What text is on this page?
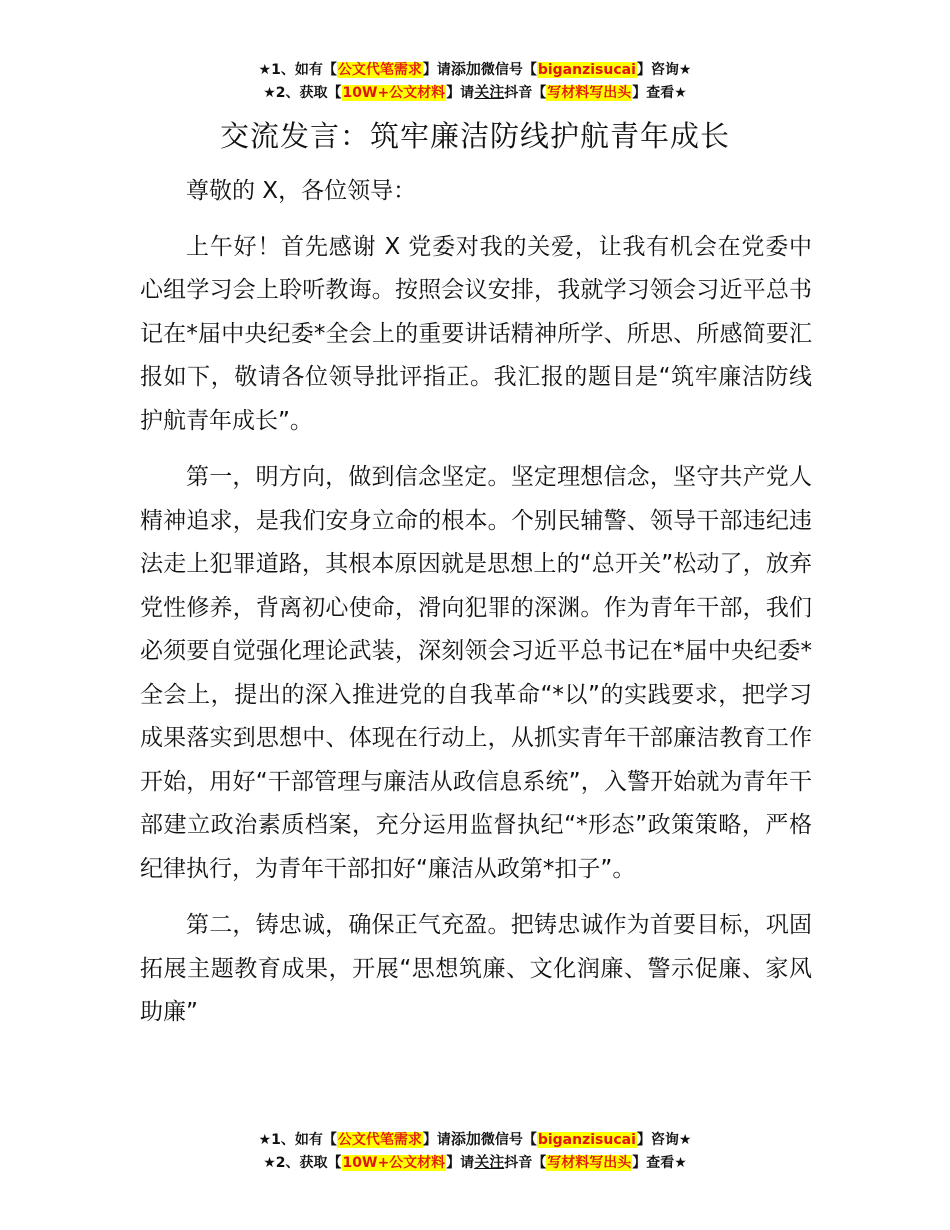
★1、如有【公文代笔需求】请添加微信号【biganzisucai】咨询★
★2、获取【10W+公文材料】请关注抖音【写材料写出头】查看★
交流发言：筑牢廉洁防线护航青年成长

尊敬的 X，各位领导：

上午好！首先感谢 X 党委对我的关爱，让我有机会在党委中心组学习会上聆听教诲。按照会议安排，我就学习领会习近平总书记在*届中央纪委*全会上的重要讲话精神所学、所思、所感简要汇报如下，敬请各位领导批评指正。我汇报的题目是“筑牢廉洁防线护航青年成长”。

第一，明方向，做到信念坚定。坚定理想信念，坚守共产党人精神追求，是我们安身立命的根本。个别民辅警、领导干部违纪违法走上犯罪道路，其根本原因就是思想上的“总开关”松动了，放弃党性修养，背离初心使命，滑向犯罪的深渊。作为青年干部，我们必须要自觉强化理论武装，深刻领会习近平总书记在*届中央纪委*全会上，提出的深入推进党的自我革命“*以”的实践要求，把学习成果落实到思想中、体现在行动上，从抓实青年干部廉洁教育工作开始，用好“干部管理与廉洁从政信息系统”，入警开始就为青年干部建立政治素质档案，充分运用监督执纪“*形态”政策策略，严格纪律执行，为青年干部扣好“廉洁从政第*扣子”。

第二，铸忠诚，确保正气充盈。把铸忠诚作为首要目标，巩固拓展主题教育成果，开展“思想筑廉、文化润廉、警示促廉、家风助廉”

★1、如有【公文代笔需求】请添加微信号【biganzisucai】咨询★
★2、获取【10W+公文材料】请关注抖音【写材料写出头】查看★
